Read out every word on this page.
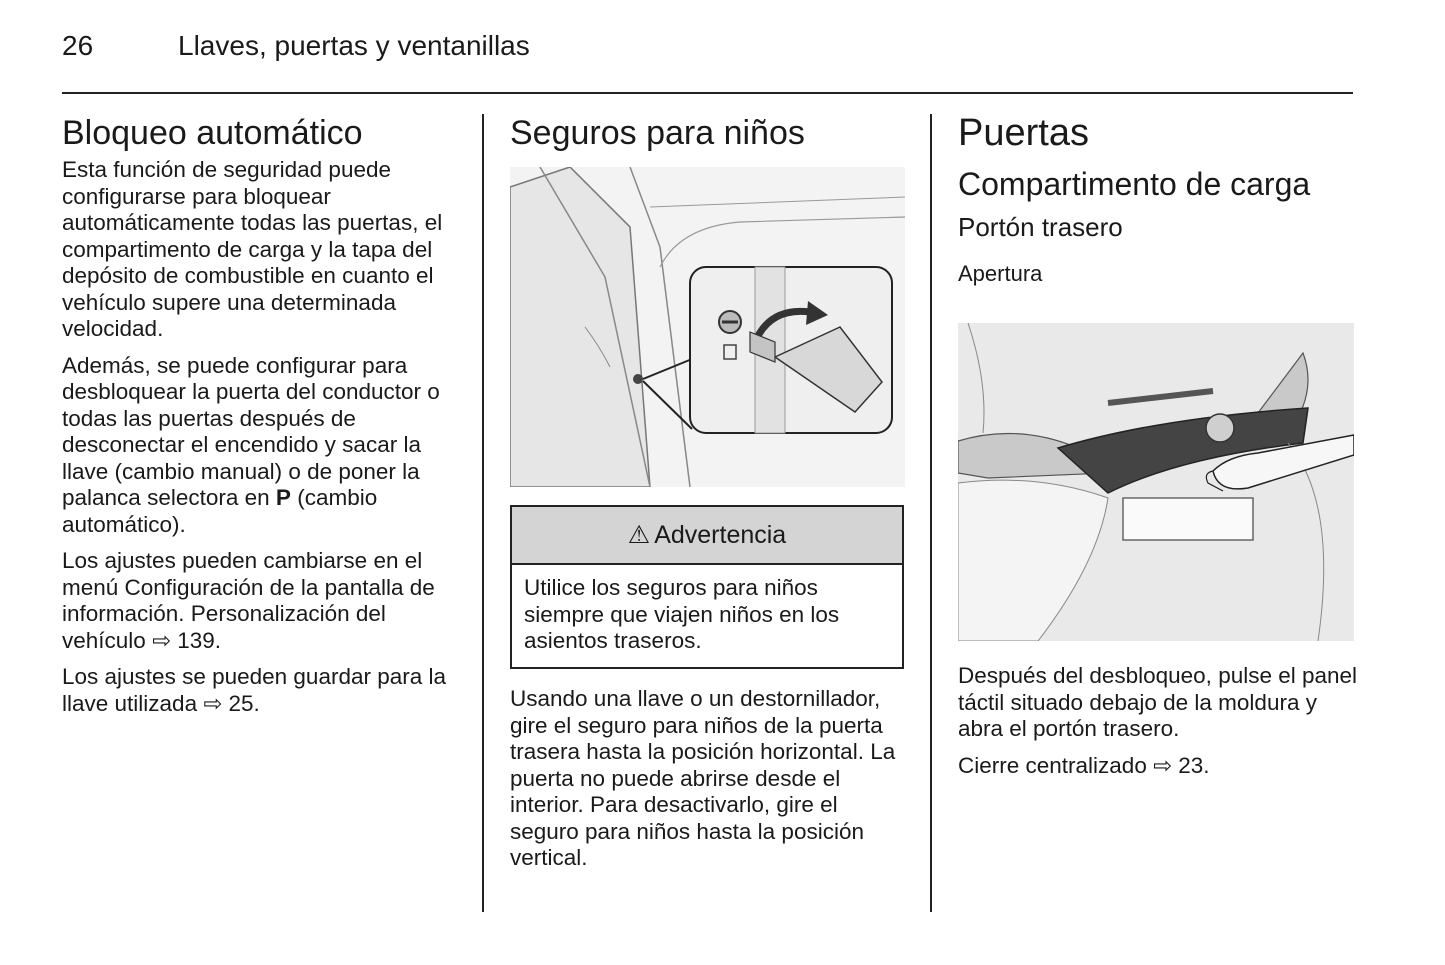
26	Llaves, puertas y ventanillas
Bloqueo automático

Esta función de seguridad puede configurarse para bloquear automáticamente todas las puertas, el compartimento de carga y la tapa del depósito de combustible en cuanto el vehículo supere una determinada velocidad.

Además, se puede configurar para desbloquear la puerta del conductor o todas las puertas después de desconectar el encendido y sacar la llave (cambio manual) o de poner la palanca selectora en P (cambio automático).

Los ajustes pueden cambiarse en el menú Configuración de la pantalla de información. Personalización del vehículo ⇨ 139.

Los ajustes se pueden guardar para la llave utilizada ⇨ 25.

Seguros para niños
⚠ Advertencia
Utilice los seguros para niños siempre que viajen niños en los asientos traseros.

Usando una llave o un destornillador, gire el seguro para niños de la puerta trasera hasta la posición horizontal. La puerta no puede abrirse desde el interior. Para desactivarlo, gire el seguro para niños hasta la posición vertical.

Puertas
Compartimento de carga
Portón trasero
Apertura

Después del desbloqueo, pulse el panel táctil situado debajo de la moldura y abra el portón trasero.

Cierre centralizado ⇨ 23.
